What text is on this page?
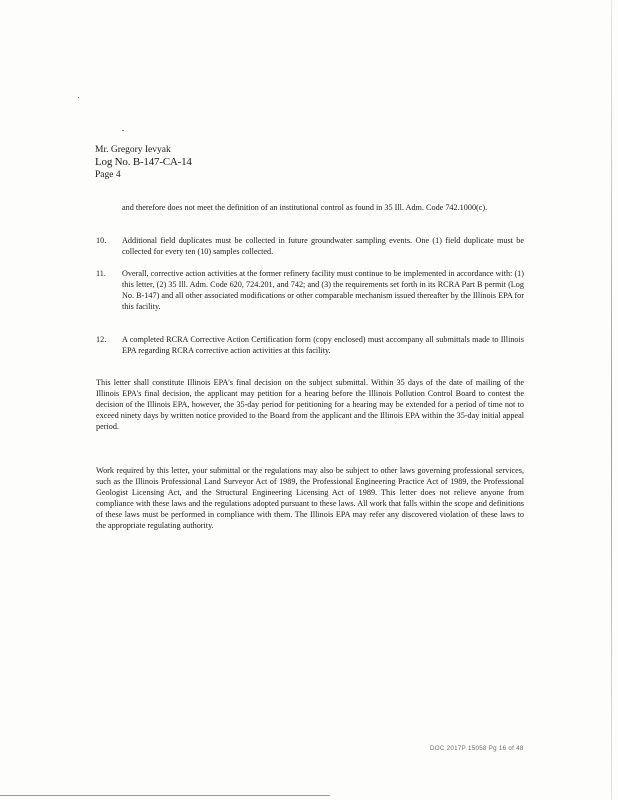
Mr. Gregory Ievyak
Log No. B-147-CA-14
Page 4
and therefore does not meet the definition of an institutional control as found in 35 Ill. Adm. Code 742.1000(c).
10. Additional field duplicates must be collected in future groundwater sampling events. One (1) field duplicate must be collected for every ten (10) samples collected.
11. Overall, corrective action activities at the former refinery facility must continue to be implemented in accordance with: (1) this letter, (2) 35 Ill. Adm. Code 620, 724.201, and 742; and (3) the requirements set forth in its RCRA Part B permit (Log No. B-147) and all other associated modifications or other comparable mechanism issued thereafter by the Illinois EPA for this facility.
12. A completed RCRA Corrective Action Certification form (copy enclosed) must accompany all submittals made to Illinois EPA regarding RCRA corrective action activities at this facility.
This letter shall constitute Illinois EPA's final decision on the subject submittal. Within 35 days of the date of mailing of the Illinois EPA's final decision, the applicant may petition for a hearing before the Illinois Pollution Control Board to contest the decision of the Illinois EPA, however, the 35-day period for petitioning for a hearing may be extended for a period of time not to exceed ninety days by written notice provided to the Board from the applicant and the Illinois EPA within the 35-day initial appeal period.
Work required by this letter, your submittal or the regulations may also be subject to other laws governing professional services, such as the Illinois Professional Land Surveyor Act of 1989, the Professional Engineering Practice Act of 1989, the Professional Geologist Licensing Act, and the Structural Engineering Licensing Act of 1989. This letter does not relieve anyone from compliance with these laws and the regulations adopted pursuant to these laws. All work that falls within the scope and definitions of these laws must be performed in compliance with them. The Illinois EPA may refer any discovered violation of these laws to the appropriate regulating authority.
DOC 2017P 15058 Pg 16 of 48
